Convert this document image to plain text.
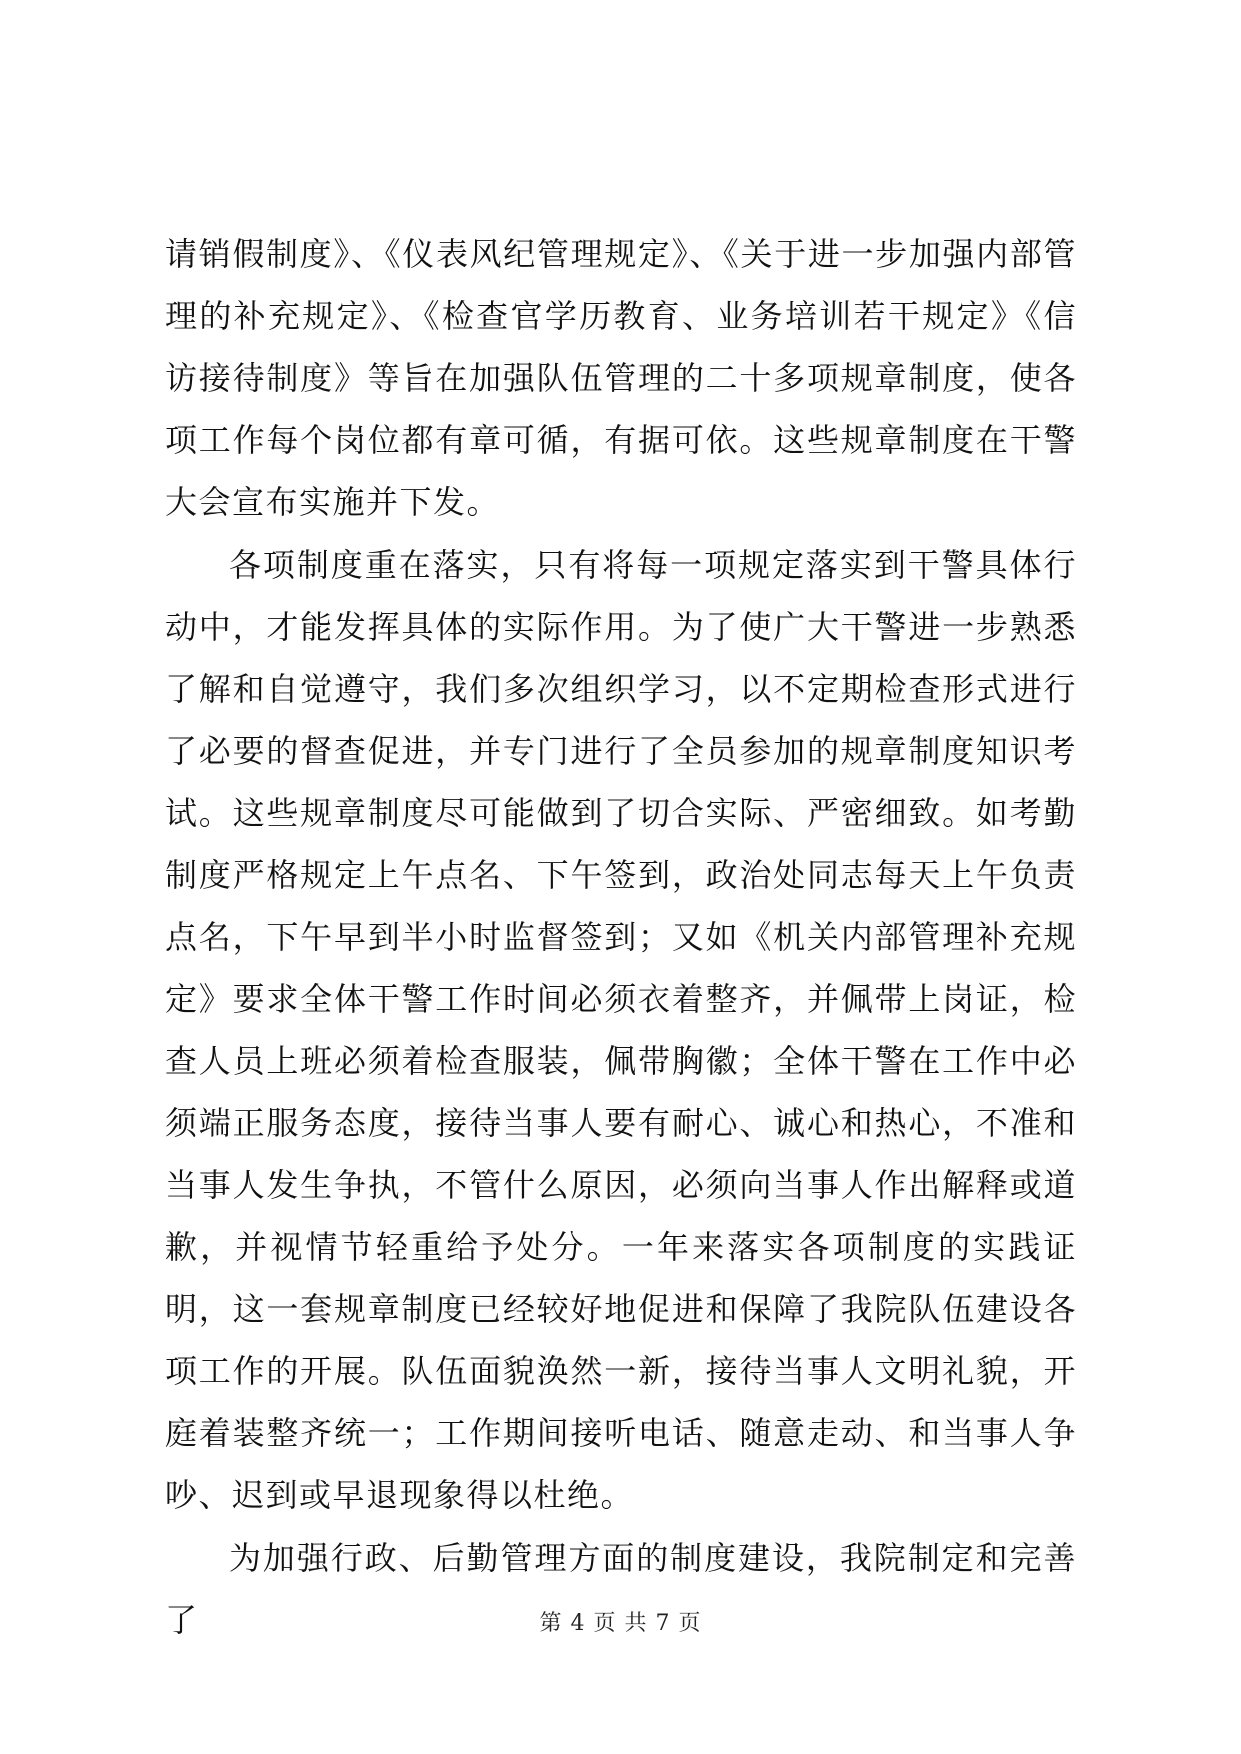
请销假制度》、《仪表风纪管理规定》、《关于进一步加强内部管理的补充规定》、《检查官学历教育、业务培训若干规定》《信访接待制度》等旨在加强队伍管理的二十多项规章制度，使各项工作每个岗位都有章可循，有据可依。这些规章制度在干警大会宣布实施并下发。

各项制度重在落实，只有将每一项规定落实到干警具体行动中，才能发挥具体的实际作用。为了使广大干警进一步熟悉了解和自觉遵守，我们多次组织学习，以不定期检查形式进行了必要的督查促进，并专门进行了全员参加的规章制度知识考试。这些规章制度尽可能做到了切合实际、严密细致。如考勤制度严格规定上午点名、下午签到，政治处同志每天上午负责点名，下午早到半小时监督签到；又如《机关内部管理补充规定》要求全体干警工作时间必须衣着整齐，并佩带上岗证，检查人员上班必须着检查服装，佩带胸徽；全体干警在工作中必须端正服务态度，接待当事人要有耐心、诚心和热心，不准和当事人发生争执，不管什么原因，必须向当事人作出解释或道歉，并视情节轻重给予处分。一年来落实各项制度的实践证明，这一套规章制度已经较好地促进和保障了我院队伍建设各项工作的开展。队伍面貌涣然一新，接待当事人文明礼貌，开庭着装整齐统一；工作期间接听电话、随意走动、和当事人争吵、迟到或早退现象得以杜绝。

为加强行政、后勤管理方面的制度建设，我院制定和完善了	第 4 页 共 7 页
